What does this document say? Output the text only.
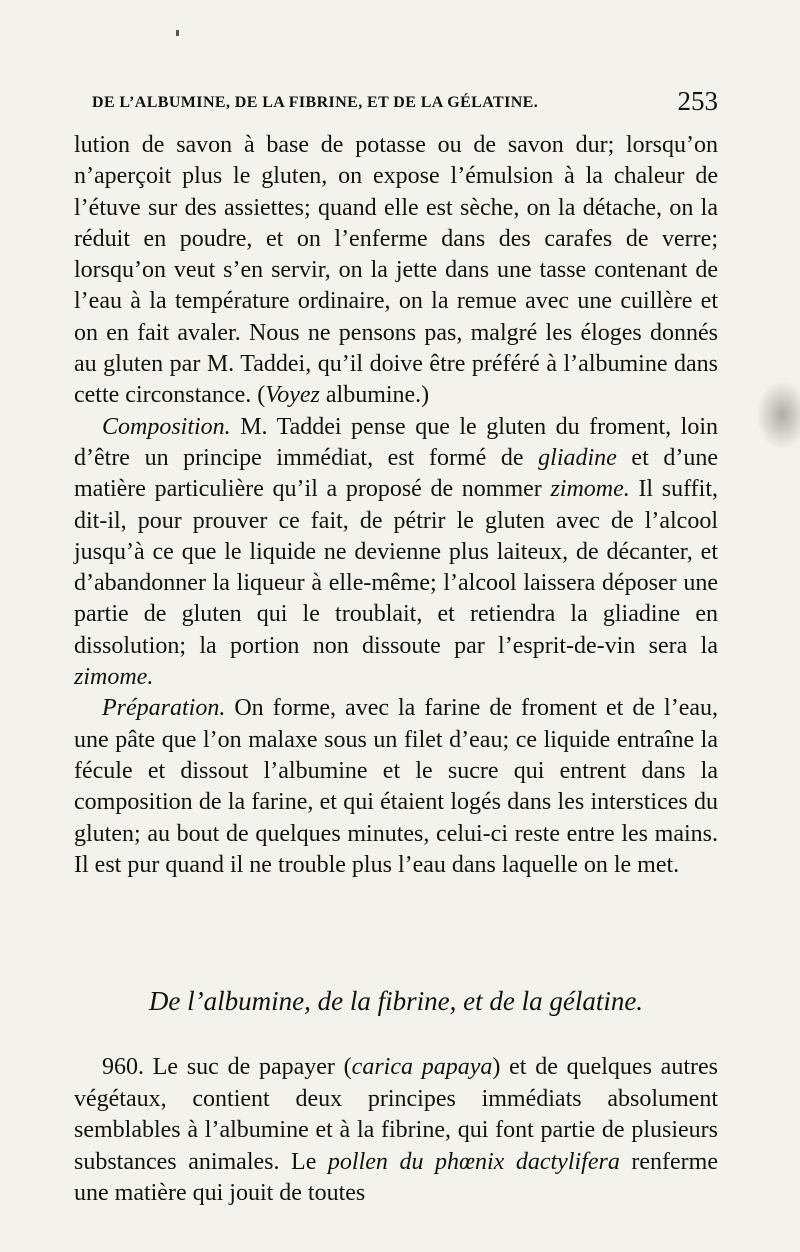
DE L’ALBUMINE, DE LA FIBRINE, ET DE LA GÉLATINE.	253

lution de savon à base de potasse ou de savon dur; lorsqu’on n’aperçoit plus le gluten, on expose l’émulsion à la chaleur de l’étuve sur des assiettes; quand elle est sèche, on la détache, on la réduit en poudre, et on l’enferme dans des carafes de verre; lorsqu’on veut s’en servir, on la jette dans une tasse contenant de l’eau à la température ordinaire, on la remue avec une cuillère et on en fait avaler. Nous ne pensons pas, malgré les éloges donnés au gluten par M. Taddei, qu’il doive être préféré à l’albumine dans cette circonstance. (Voyez albumine.)

Composition. M. Taddei pense que le gluten du froment, loin d’être un principe immédiat, est formé de gliadine et d’une matière particulière qu’il a proposé de nommer zimome. Il suffit, dit-il, pour prouver ce fait, de pétrir le gluten avec de l’alcool jusqu’à ce que le liquide ne devienne plus laiteux, de décanter, et d’abandonner la liqueur à elle-même; l’alcool laissera déposer une partie de gluten qui le troublait, et retiendra la gliadine en dissolution; la portion non dissoute par l’esprit-de-vin sera la zimome.

Préparation. On forme, avec la farine de froment et de l’eau, une pâte que l’on malaxe sous un filet d’eau; ce liquide entraîne la fécule et dissout l’albumine et le sucre qui entrent dans la composition de la farine, et qui étaient logés dans les interstices du gluten; au bout de quelques minutes, celui-ci reste entre les mains. Il est pur quand il ne trouble plus l’eau dans laquelle on le met.

De l’albumine, de la fibrine, et de la gélatine.

960. Le suc de papayer (carica papaya) et de quelques autres végétaux, contient deux principes immédiats absolument semblables à l’albumine et à la fibrine, qui font partie de plusieurs substances animales. Le pollen du phœnix dactylifera renferme une matière qui jouit de toutes
